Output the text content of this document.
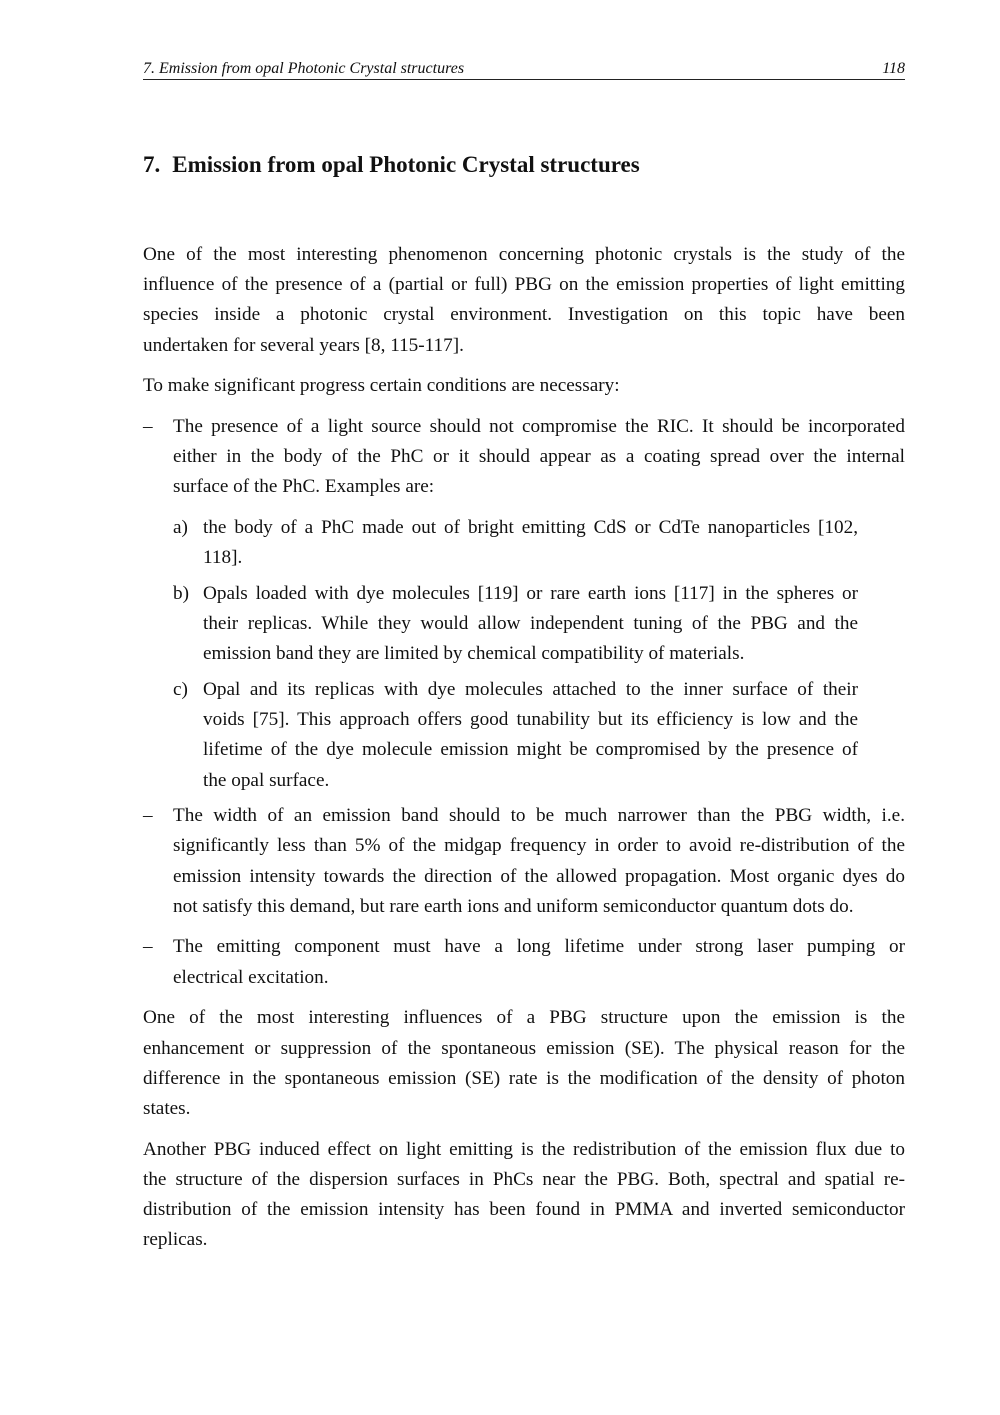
7. Emission from opal Photonic Crystal structures	118
7. Emission from opal Photonic Crystal structures
One of the most interesting phenomenon concerning photonic crystals is the study of the
influence of the presence of a (partial or full) PBG on the emission properties of light emitting
species inside a photonic crystal environment. Investigation on this topic have been
undertaken for several years [8, 115-117].
To make significant progress certain conditions are necessary:
– The presence of a light source should not compromise the RIC. It should be incorporated
either in the body of the PhC or it should appear as a coating spread over the internal
surface of the PhC. Examples are:
a) the body of a PhC made out of bright emitting CdS or CdTe nanoparticles [102,
118].
b) Opals loaded with dye molecules [119] or rare earth ions [117] in the spheres or
their replicas. While they would allow independent tuning of the PBG and the
emission band they are limited by chemical compatibility of materials.
c) Opal and its replicas with dye molecules attached to the inner surface of their
voids [75]. This approach offers good tunability but its efficiency is low and the
lifetime of the dye molecule emission might be compromised by the presence of
the opal surface.
– The width of an emission band should to be much narrower than the PBG width, i.e.
significantly less than 5% of the midgap frequency in order to avoid re-distribution of the
emission intensity towards the direction of the allowed propagation. Most organic dyes do
not satisfy this demand, but rare earth ions and uniform semiconductor quantum dots do.
– The emitting component must have a long lifetime under strong laser pumping or
electrical excitation.
One of the most interesting influences of a PBG structure upon the emission is the
enhancement or suppression of the spontaneous emission (SE). The physical reason for the
difference in the spontaneous emission (SE) rate is the modification of the density of photon
states.
Another PBG induced effect on light emitting is the redistribution of the emission flux due to
the structure of the dispersion surfaces in PhCs near the PBG. Both, spectral and spatial re-
distribution of the emission intensity has been found in PMMA and inverted semiconductor
replicas.
